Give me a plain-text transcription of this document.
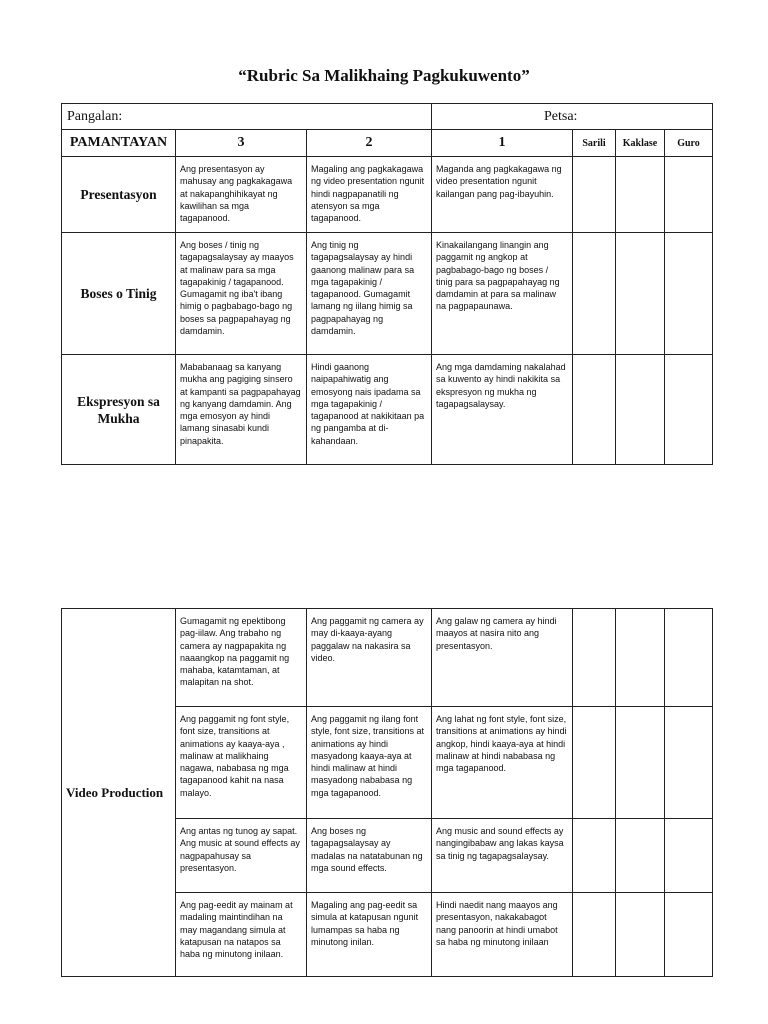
“Rubric Sa Malikhaing Pagkukuwento”
Pangalan:			Petsa:			
PAMANTAYAN	3	2	1	Sarili	Kaklase	Guro
Presentasyon	Ang presentasyon ay mahusay ang pagkakagawa at nakapanghihikayat ng kawilihan sa mga tagapanood.	Magaling ang pagkakagawa ng video presentation ngunit hindi nagpapanatili ng atensyon sa mga tagapanood.	Maganda ang pagkakagawa ng video presentation ngunit kailangan pang pag-ibayuhin.			
Boses o Tinig	Ang boses / tinig ng tagapagsalaysay ay maayos at malinaw para sa mga tagapakinig / tagapanood. Gumagamit ng iba't ibang himig o pagbabago-bago ng boses sa pagpapahayag ng damdamin.	Ang tinig ng tagapagsalaysay ay hindi gaanong malinaw para sa mga tagapakinig / tagapanood. Gumagamit lamang ng iilang himig sa pagpapahayag ng damdamin.	Kinakailangang linangin ang paggamit ng angkop at pagbabago-bago ng boses / tinig para sa pagpapahayag ng damdamin at para sa malinaw na pagpapaunawa.			
Ekspresyon sa Mukha	Mababanaag sa kanyang mukha ang pagiging sinsero at kampanti sa pagpapahayag ng kanyang damdamin. Ang mga emosyon ay hindi lamang sinasabi kundi pinapakita.	Hindi gaanong naipapahiwatig ang emosyong nais ipadama sa mga tagapakinig / tagapanood at nakikitaan pa ng pangamba at di-kahandaan.	Ang mga damdaming nakalahad sa kuwento ay hindi nakikita sa ekspresyon ng mukha ng tagapagsalaysay.			
Video Production	Gumagamit ng epektibong pag-iilaw. Ang trabaho ng camera ay nagpapakita ng naaangkop na paggamit ng mahaba, katamtaman, at malapitan na shot.	Ang paggamit ng camera ay may di-kaaya-ayang paggalaw na nakasira sa video.	Ang galaw ng camera ay hindi maayos at nasira nito ang presentasyon.			
	Ang paggamit ng font style, font size, transitions at animations ay kaaya-aya , malinaw at malikhaing nagawa, nababasa ng mga tagapanood kahit na nasa malayo.	Ang paggamit ng ilang font style, font size, transitions at animations ay hindi masyadong kaaya-aya at hindi malinaw at hindi masyadong nababasa ng mga tagapanood.	Ang lahat ng font style, font size, transitions at animations ay hindi angkop, hindi kaaya-aya at hindi malinaw at hindi nababasa ng mga tagapanood.			
	Ang antas ng tunog ay sapat. Ang music at sound effects ay nagpapahusay sa presentasyon.	Ang boses ng tagapagsalaysay ay madalas na natatabunan ng mga sound effects.	Ang music and sound effects ay nangingibabaw ang lakas kaysa sa tinig ng tagapagsalaysay.			
	Ang pag-eedit ay mainam at madaling maintindihan na may magandang simula at katapusan na natapos sa haba ng minutong inilaan.	Magaling ang pag-eedit sa simula at katapusan ngunit lumampas sa haba ng minutong inilan.	Hindi naedit nang maayos ang presentasyon, nakakabagot nang panoorin at hindi umabot sa haba ng minutong inilaan			
